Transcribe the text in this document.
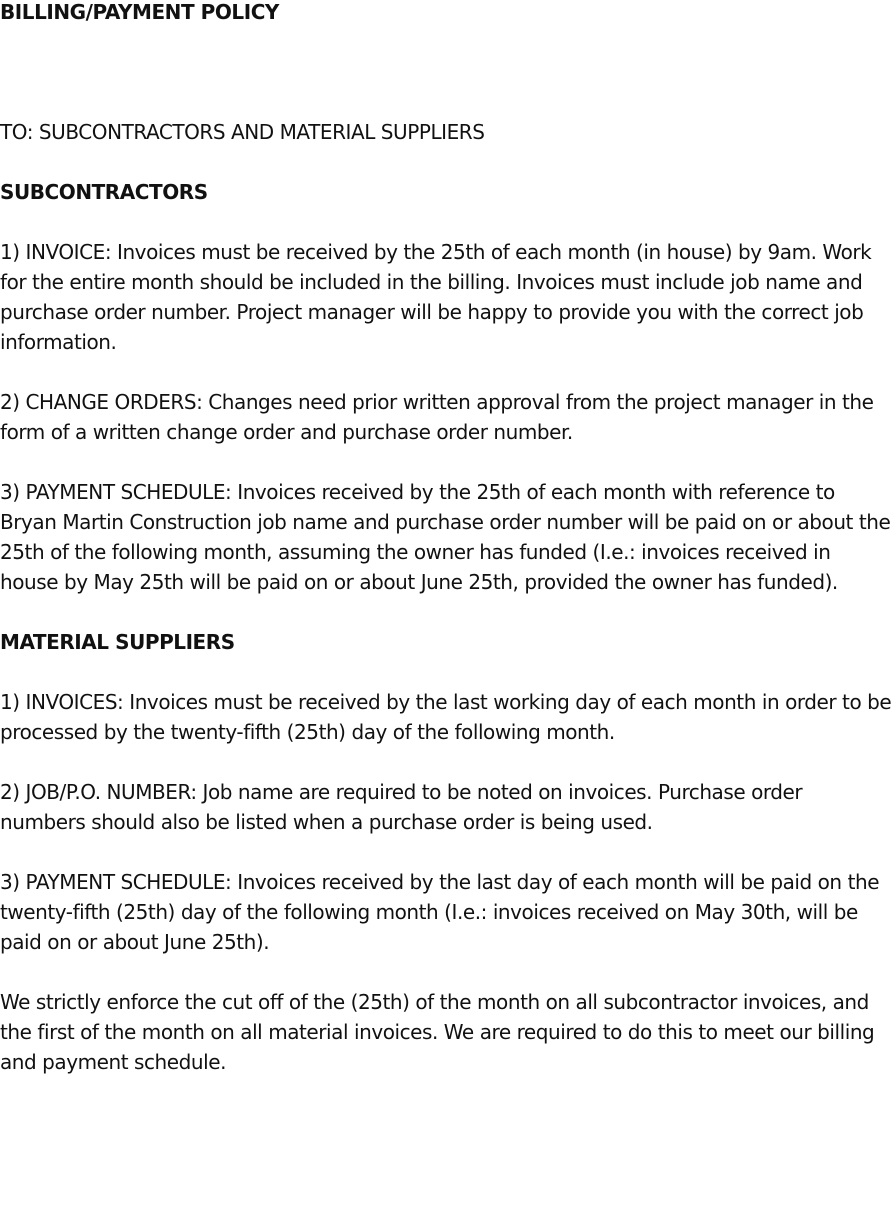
BILLING/PAYMENT POLICY
TO: SUBCONTRACTORS AND MATERIAL SUPPLIERS
SUBCONTRACTORS
1) INVOICE: Invoices must be received by the 25th of each month (in house) by 9am. Work for the entire month should be included in the billing. Invoices must include job name and purchase order number. Project manager will be happy to provide you with the correct job information.
2) CHANGE ORDERS: Changes need prior written approval from the project manager in the form of a written change order and purchase order number.
3) PAYMENT SCHEDULE: Invoices received by the 25th of each month with reference to Bryan Martin Construction job name and purchase order number will be paid on or about the 25th of the following month, assuming the owner has funded (I.e.: invoices received in house by May 25th will be paid on or about June 25th, provided the owner has funded).
MATERIAL SUPPLIERS
1) INVOICES: Invoices must be received by the last working day of each month in order to be processed by the twenty-fifth (25th) day of the following month.
2) JOB/P.O. NUMBER: Job name are required to be noted on invoices. Purchase order numbers should also be listed when a purchase order is being used.
3) PAYMENT SCHEDULE: Invoices received by the last day of each month will be paid on the twenty-fifth (25th) day of the following month (I.e.: invoices received on May 30th, will be paid on or about June 25th).
We strictly enforce the cut off of the (25th) of the month on all subcontractor invoices, and the first of the month on all material invoices. We are required to do this to meet our billing and payment schedule.
